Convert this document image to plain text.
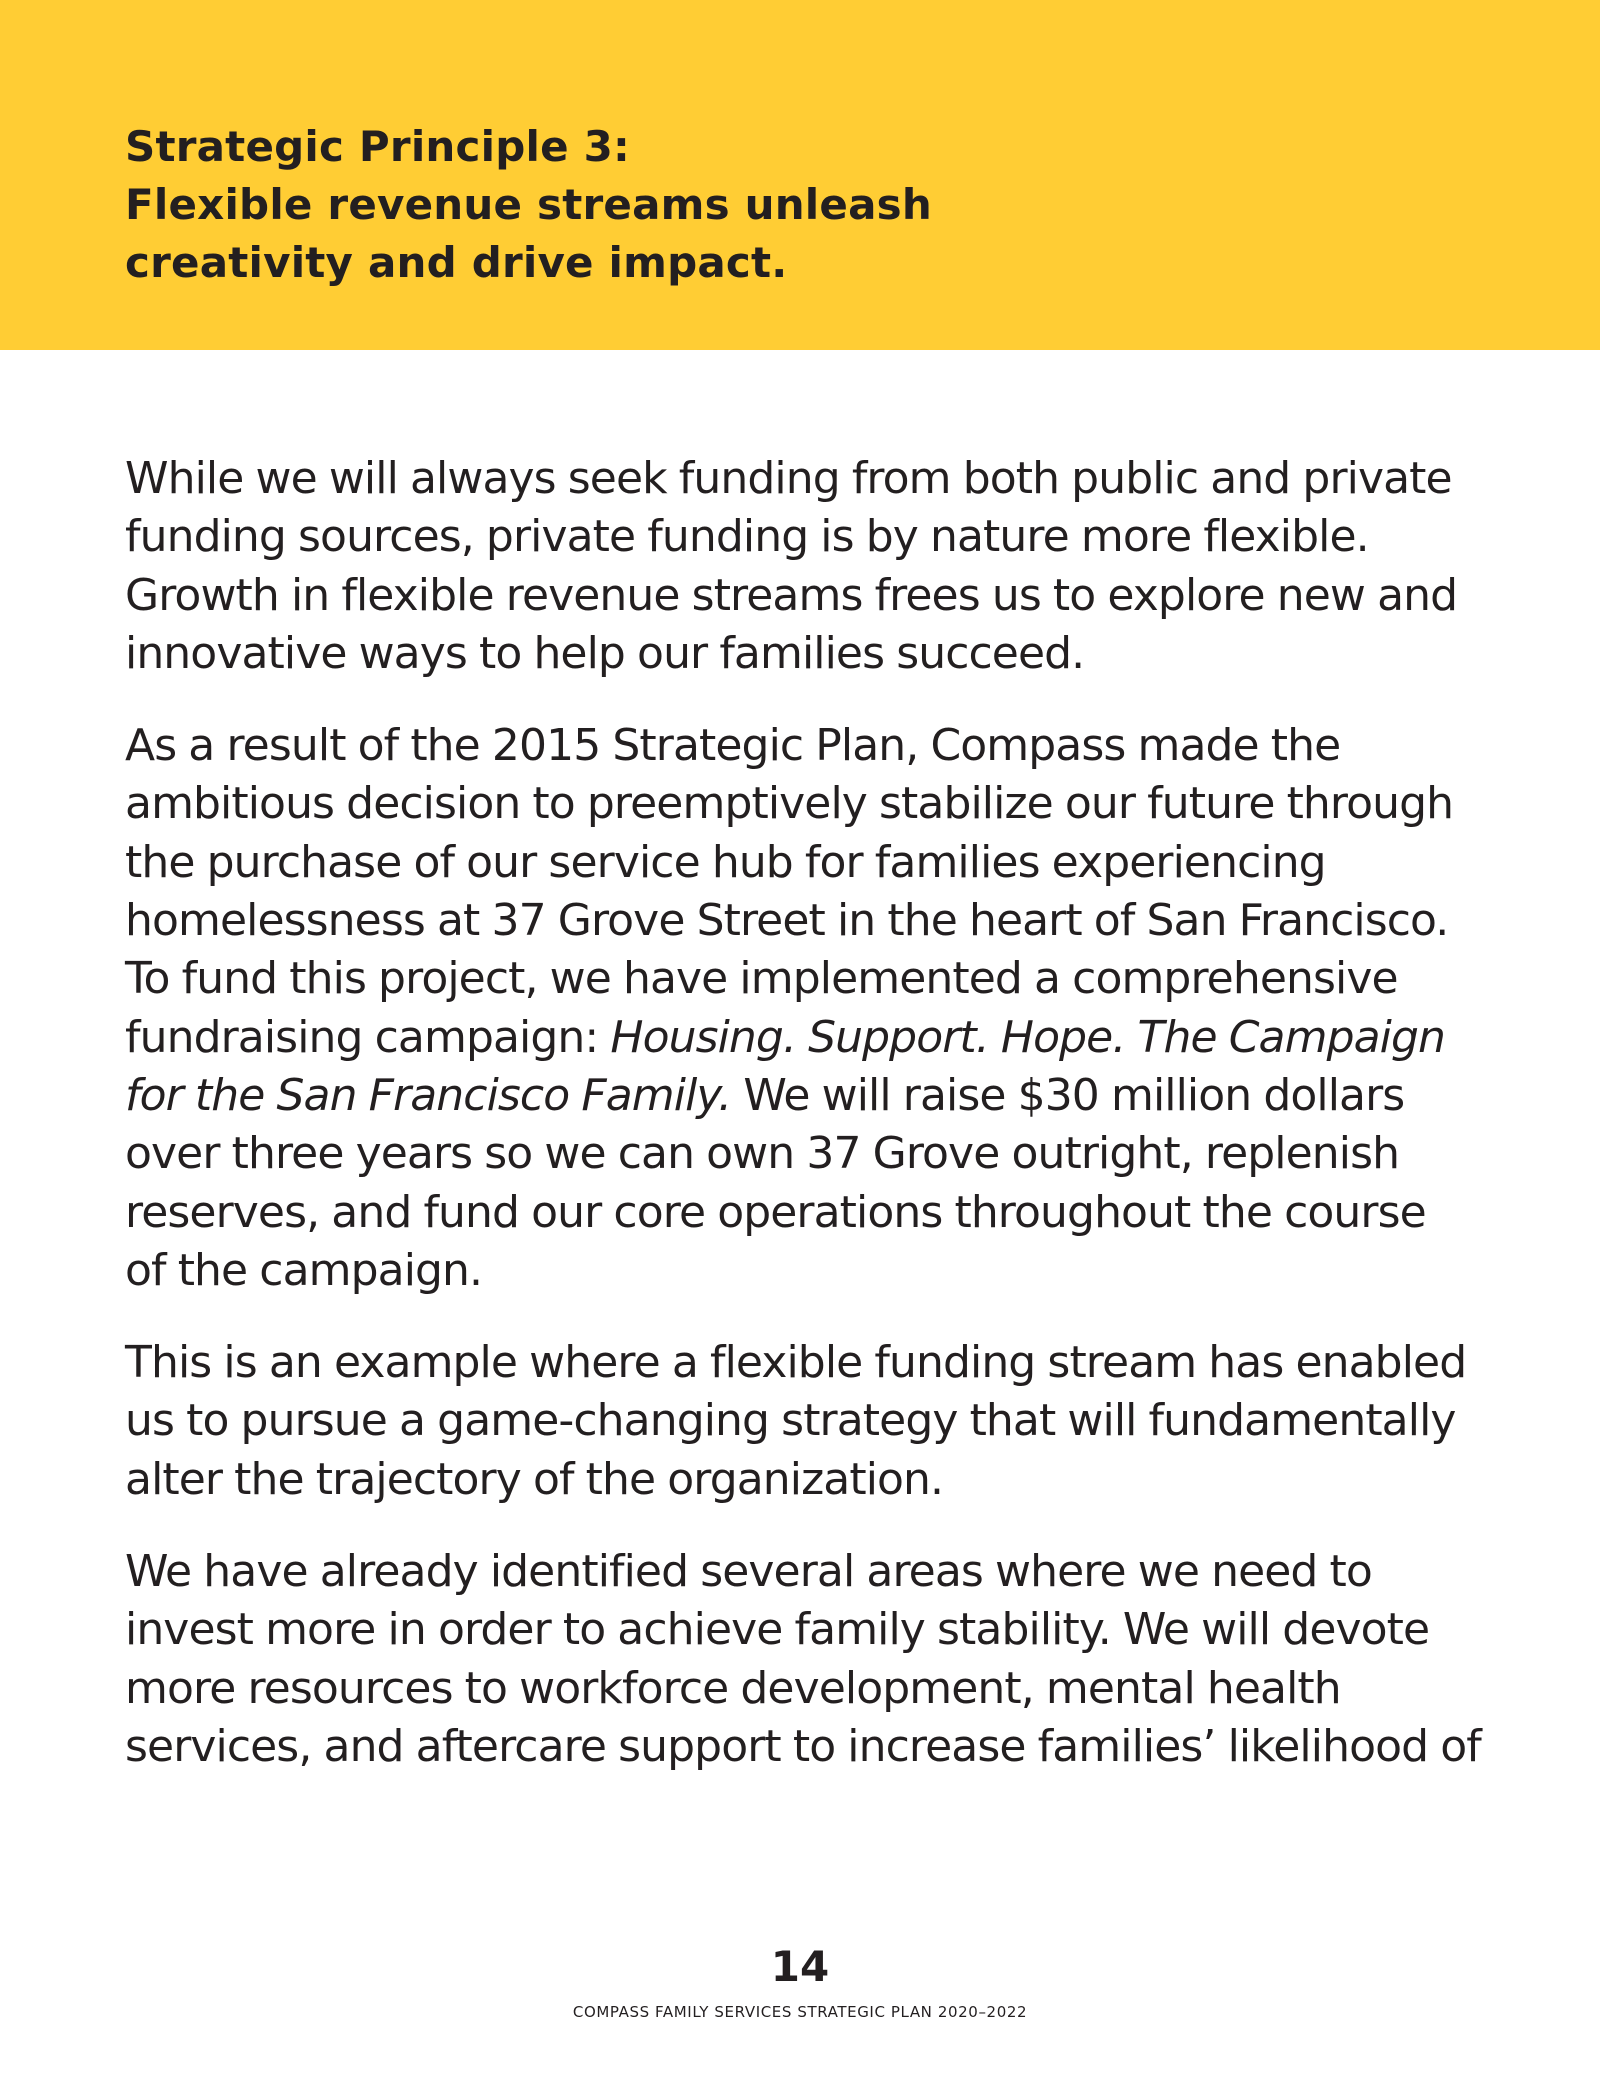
Strategic Principle 3:
Flexible revenue streams unleash
creativity and drive impact.

While we will always seek funding from both public and private
funding sources, private funding is by nature more flexible.
Growth in flexible revenue streams frees us to explore new and
innovative ways to help our families succeed.

As a result of the 2015 Strategic Plan, Compass made the
ambitious decision to preemptively stabilize our future through
the purchase of our service hub for families experiencing
homelessness at 37 Grove Street in the heart of San Francisco.
To fund this project, we have implemented a comprehensive
fundraising campaign: Housing. Support. Hope. The Campaign
for the San Francisco Family. We will raise $30 million dollars
over three years so we can own 37 Grove outright, replenish
reserves, and fund our core operations throughout the course
of the campaign.

This is an example where a flexible funding stream has enabled
us to pursue a game-changing strategy that will fundamentally
alter the trajectory of the organization.

We have already identified several areas where we need to
invest more in order to achieve family stability. We will devote
more resources to workforce development, mental health
services, and aftercare support to increase families’ likelihood of

14
COMPASS FAMILY SERVICES STRATEGIC PLAN 2020–2022
